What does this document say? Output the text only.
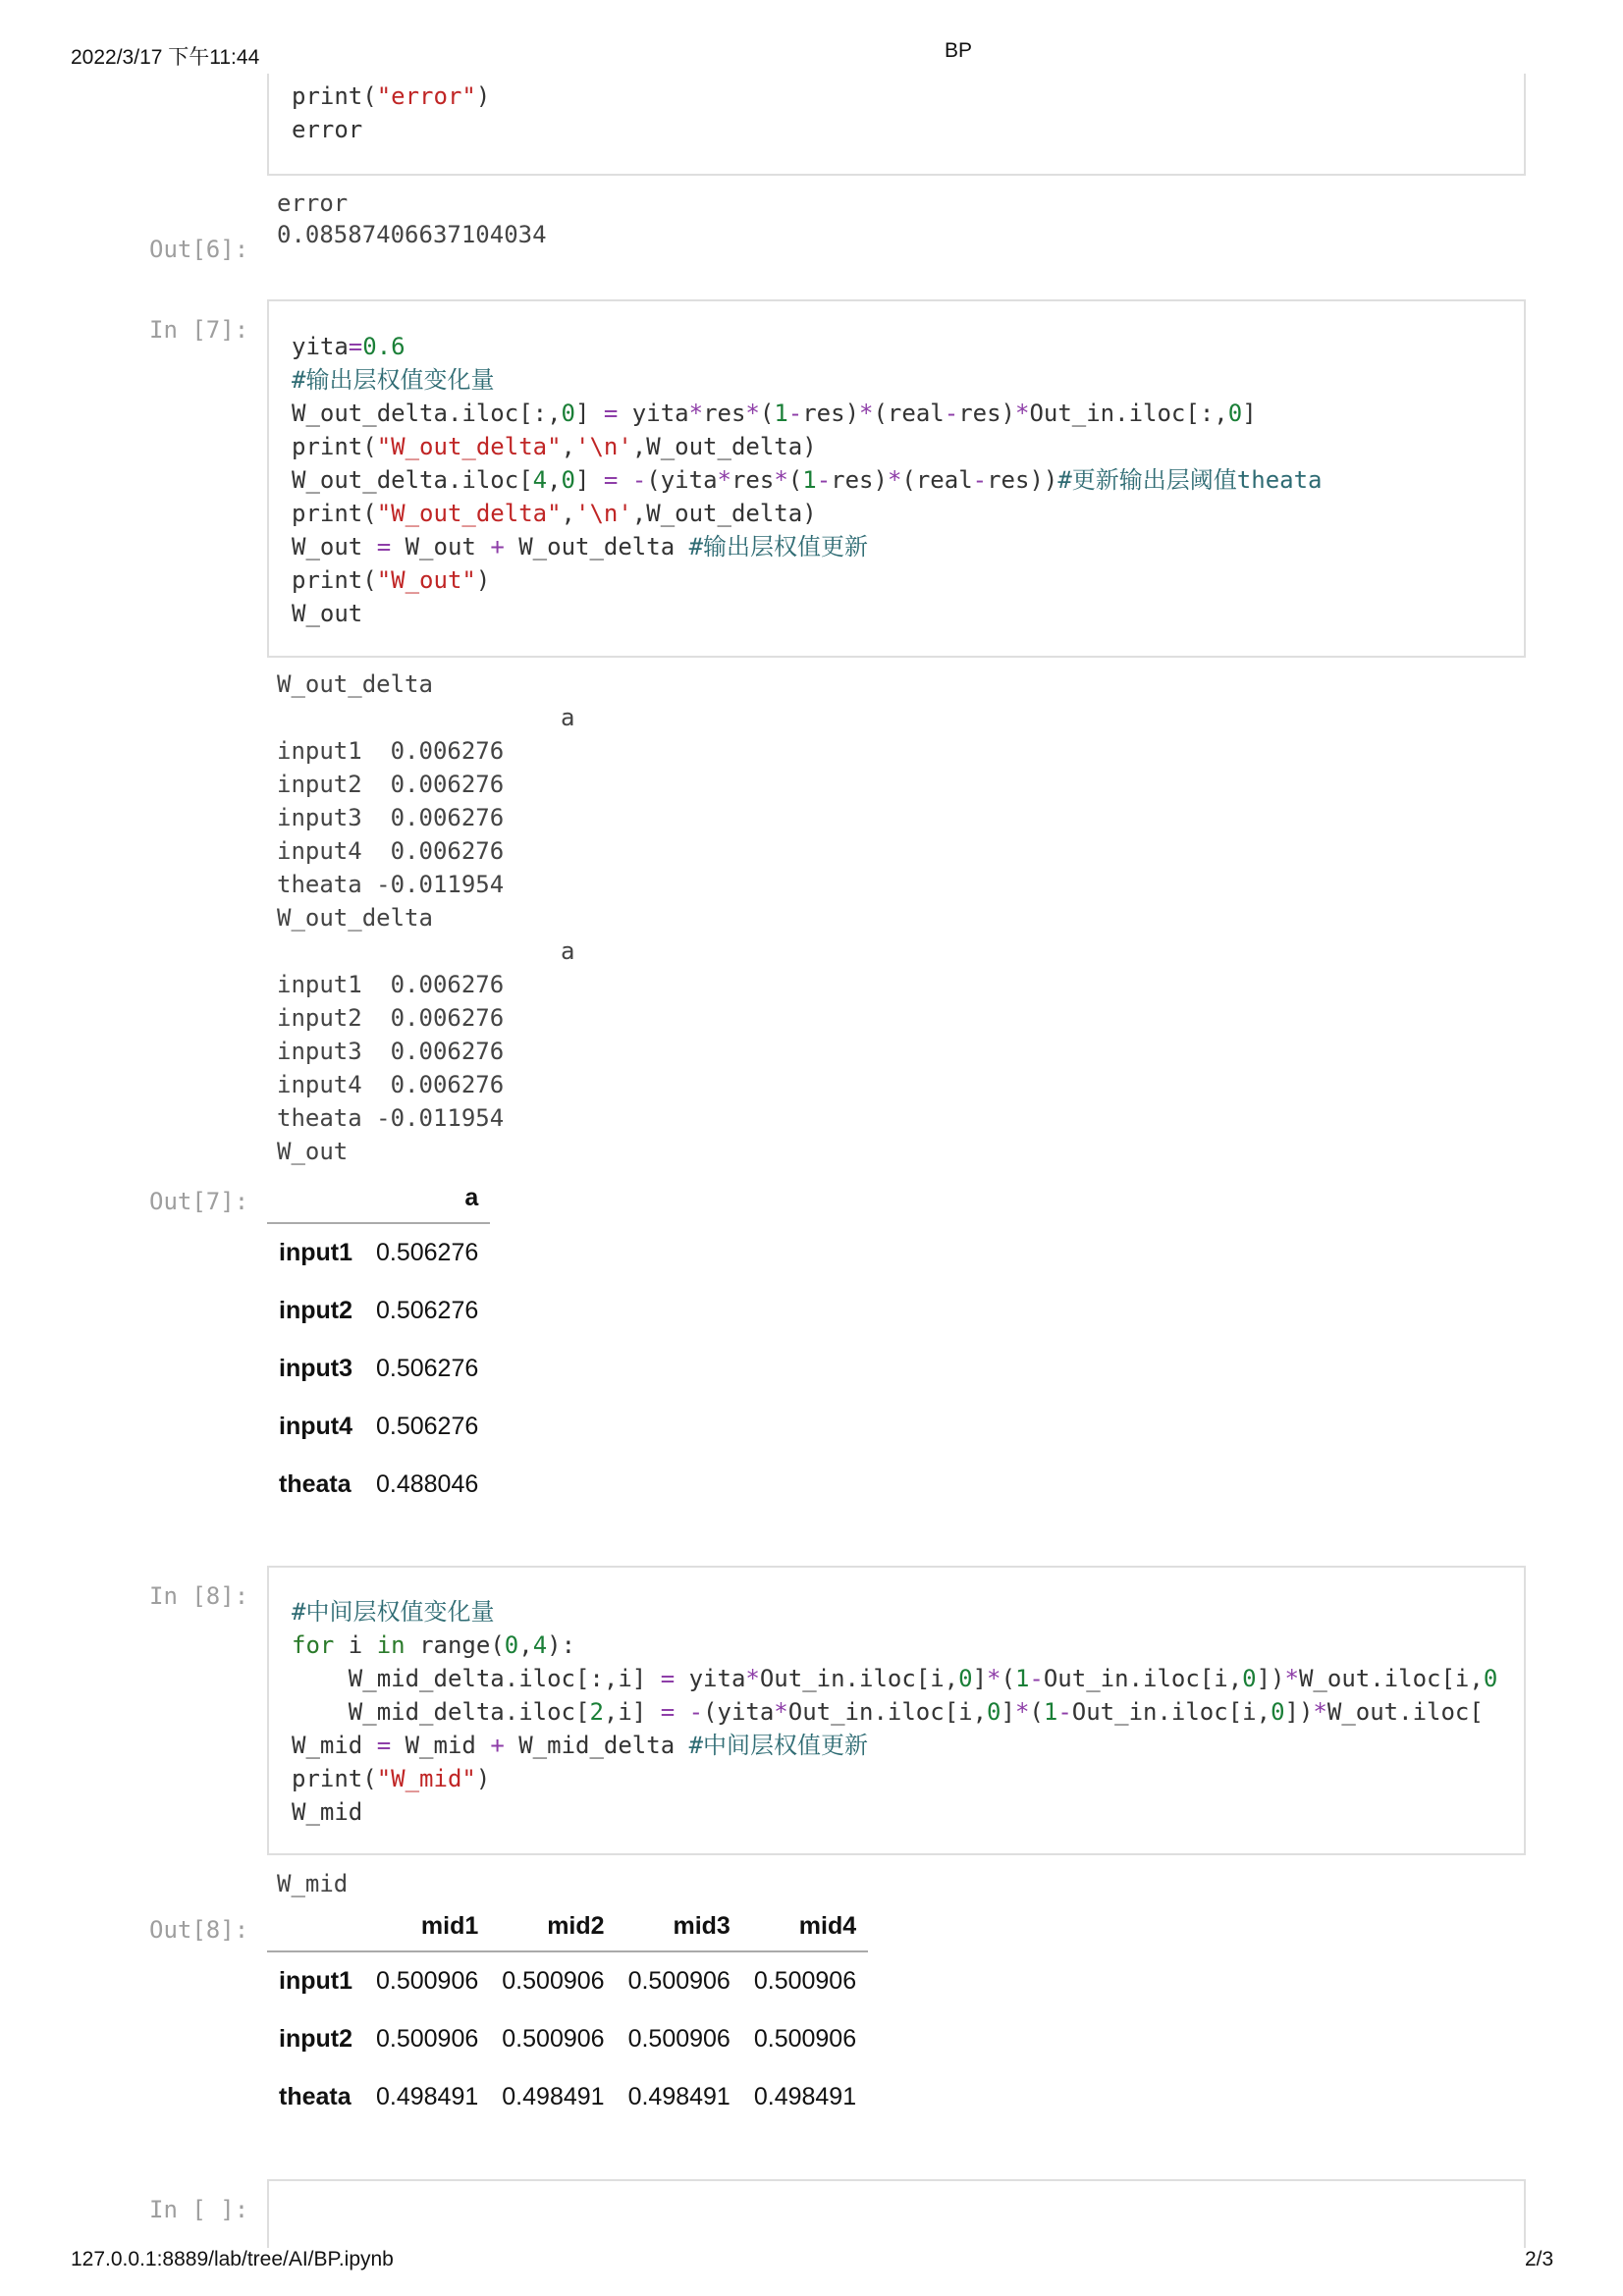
2022/3/17 下午11:44	BP
print("error")
error
error
Out[6]:
0.08587406637104034
In [7]:
yita=0.6
#输出层权值变化量
W_out_delta.iloc[:,0] = yita*res*(1-res)*(real-res)*Out_in.iloc[:,0]
print("W_out_delta",'\n',W_out_delta)
W_out_delta.iloc[4,0] = -(yita*res*(1-res)*(real-res))#更新输出层阈值theata
print("W_out_delta",'\n',W_out_delta)
W_out = W_out + W_out_delta #输出层权值更新
print("W_out")
W_out
W_out_delta
a
input1  0.006276
input2  0.006276
input3  0.006276
input4  0.006276
theata -0.011954
W_out_delta
a
input1  0.006276
input2  0.006276
input3  0.006276
input4  0.006276
theata -0.011954
W_out
Out[7]:
		a
input1	0.506276
input2	0.506276
input3	0.506276
input4	0.506276
theata	0.488046
In [8]:
#中间层权值变化量
for i in range(0,4):
W_mid_delta.iloc[:,i] = yita*Out_in.iloc[i,0]*(1-Out_in.iloc[i,0])*W_out.iloc[i,0
W_mid_delta.iloc[2,i] = -(yita*Out_in.iloc[i,0]*(1-Out_in.iloc[i,0])*W_out.iloc[
W_mid = W_mid + W_mid_delta #中间层权值更新
print("W_mid")
W_mid
W_mid
Out[8]:
		mid1	mid2	mid3	mid4
input1	0.500906	0.500906	0.500906	0.500906
input2	0.500906	0.500906	0.500906	0.500906
theata	0.498491	0.498491	0.498491	0.498491
In [ ]:
127.0.0.1:8889/lab/tree/AI/BP.ipynb	2/3
